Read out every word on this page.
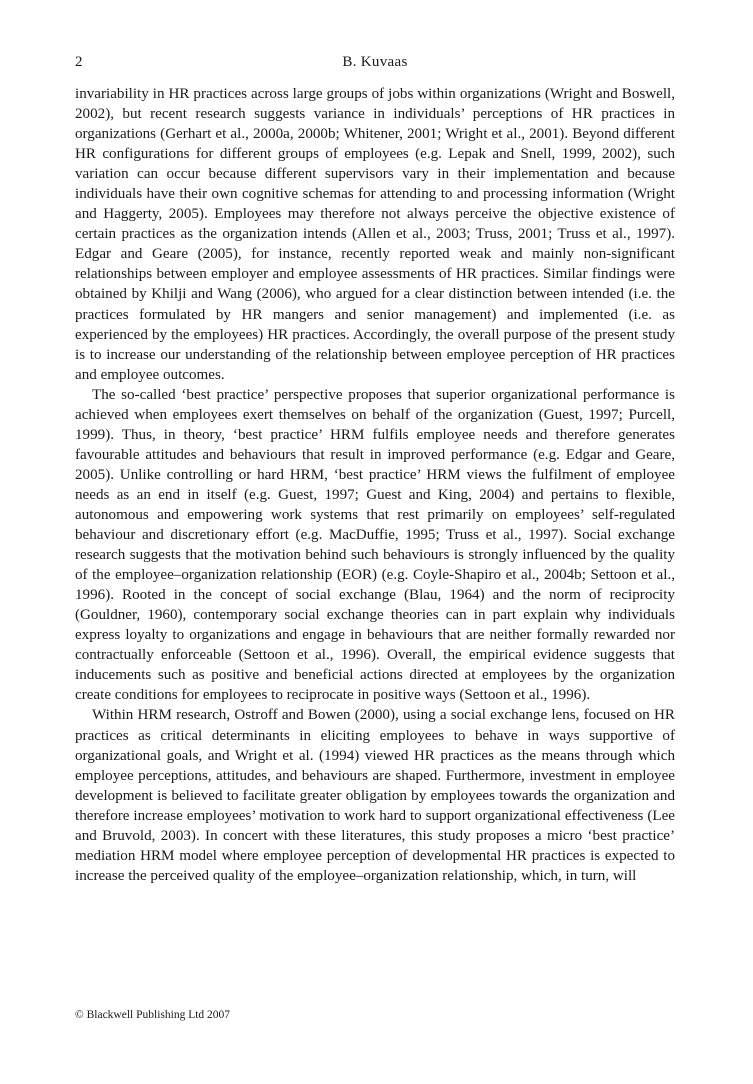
2	B. Kuvaas

invariability in HR practices across large groups of jobs within organizations (Wright and Boswell, 2002), but recent research suggests variance in individuals’ perceptions of HR practices in organizations (Gerhart et al., 2000a, 2000b; Whitener, 2001; Wright et al., 2001). Beyond different HR configurations for different groups of employees (e.g. Lepak and Snell, 1999, 2002), such variation can occur because different supervisors vary in their implementation and because individuals have their own cognitive schemas for attending to and processing information (Wright and Haggerty, 2005). Employees may therefore not always perceive the objective existence of certain practices as the organization intends (Allen et al., 2003; Truss, 2001; Truss et al., 1997). Edgar and Geare (2005), for instance, recently reported weak and mainly non-significant relationships between employer and employee assessments of HR practices. Similar findings were obtained by Khilji and Wang (2006), who argued for a clear distinction between intended (i.e. the practices formulated by HR mangers and senior management) and implemented (i.e. as experienced by the employees) HR practices. Accordingly, the overall purpose of the present study is to increase our understanding of the relationship between employee perception of HR practices and employee outcomes.

The so-called ‘best practice’ perspective proposes that superior organizational performance is achieved when employees exert themselves on behalf of the organization (Guest, 1997; Purcell, 1999). Thus, in theory, ‘best practice’ HRM fulfils employee needs and therefore generates favourable attitudes and behaviours that result in improved performance (e.g. Edgar and Geare, 2005). Unlike controlling or hard HRM, ‘best practice’ HRM views the fulfilment of employee needs as an end in itself (e.g. Guest, 1997; Guest and King, 2004) and pertains to flexible, autonomous and empowering work systems that rest primarily on employees’ self-regulated behaviour and discretionary effort (e.g. MacDuffie, 1995; Truss et al., 1997). Social exchange research suggests that the motivation behind such behaviours is strongly influenced by the quality of the employee–organization relationship (EOR) (e.g. Coyle-Shapiro et al., 2004b; Settoon et al., 1996). Rooted in the concept of social exchange (Blau, 1964) and the norm of reciprocity (Gouldner, 1960), contemporary social exchange theories can in part explain why individuals express loyalty to organizations and engage in behaviours that are neither formally rewarded nor contractually enforceable (Settoon et al., 1996). Overall, the empirical evidence suggests that inducements such as positive and beneficial actions directed at employees by the organization create conditions for employees to reciprocate in positive ways (Settoon et al., 1996).

Within HRM research, Ostroff and Bowen (2000), using a social exchange lens, focused on HR practices as critical determinants in eliciting employees to behave in ways supportive of organizational goals, and Wright et al. (1994) viewed HR practices as the means through which employee perceptions, attitudes, and behaviours are shaped. Furthermore, investment in employee development is believed to facilitate greater obligation by employees towards the organization and therefore increase employees’ motivation to work hard to support organizational effectiveness (Lee and Bruvold, 2003). In concert with these literatures, this study proposes a micro ‘best practice’ mediation HRM model where employee perception of developmental HR practices is expected to increase the perceived quality of the employee–organization relationship, which, in turn, will

© Blackwell Publishing Ltd 2007
